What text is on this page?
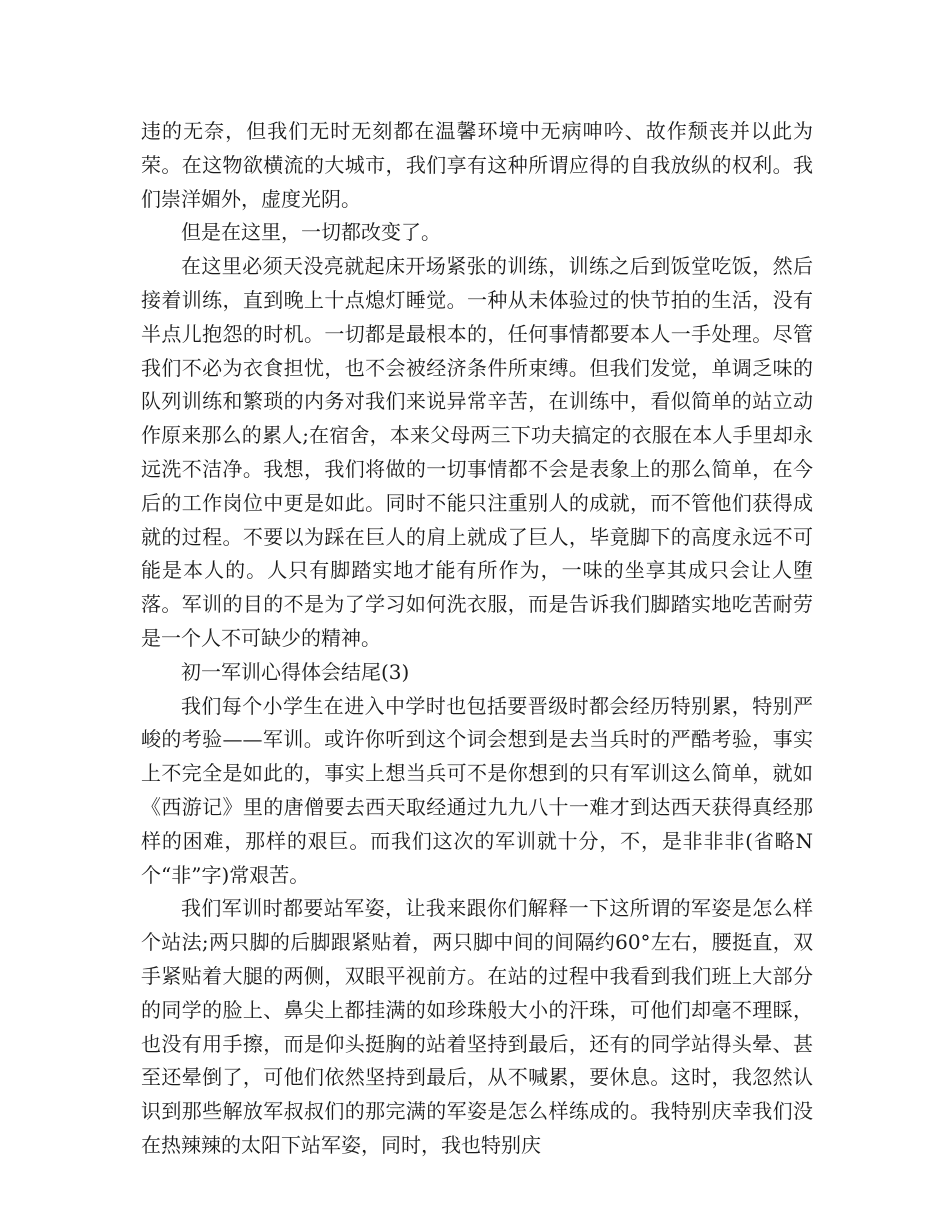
违的无奈，但我们无时无刻都在温馨环境中无病呻吟、故作颓丧并以此为荣。在这物欲横流的大城市，我们享有这种所谓应得的自我放纵的权利。我们崇洋媚外，虚度光阴。

但是在这里，一切都改变了。

在这里必须天没亮就起床开场紧张的训练，训练之后到饭堂吃饭，然后接着训练，直到晚上十点熄灯睡觉。一种从未体验过的快节拍的生活，没有半点儿抱怨的时机。一切都是最根本的，任何事情都要本人一手处理。尽管我们不必为衣食担忧，也不会被经济条件所束缚。但我们发觉，单调乏味的队列训练和繁琐的内务对我们来说异常辛苦，在训练中，看似简单的站立动作原来那么的累人;在宿舍，本来父母两三下功夫搞定的衣服在本人手里却永远洗不洁净。我想，我们将做的一切事情都不会是表象上的那么简单，在今后的工作岗位中更是如此。同时不能只注重别人的成就，而不管他们获得成就的过程。不要以为踩在巨人的肩上就成了巨人，毕竟脚下的高度永远不可能是本人的。人只有脚踏实地才能有所作为，一味的坐享其成只会让人堕落。军训的目的不是为了学习如何洗衣服，而是告诉我们脚踏实地吃苦耐劳是一个人不可缺少的精神。

初一军训心得体会结尾(3)

我们每个小学生在进入中学时也包括要晋级时都会经历特别累，特别严峻的考验——军训。或许你听到这个词会想到是去当兵时的严酷考验，事实上不完全是如此的，事实上想当兵可不是你想到的只有军训这么简单，就如《西游记》里的唐僧要去西天取经通过九九八十一难才到达西天获得真经那样的困难，那样的艰巨。而我们这次的军训就十分，不，是非非非(省略N个“非”字)常艰苦。

我们军训时都要站军姿，让我来跟你们解释一下这所谓的军姿是怎么样个站法;两只脚的后脚跟紧贴着，两只脚中间的间隔约60°左右，腰挺直，双手紧贴着大腿的两侧，双眼平视前方。在站的过程中我看到我们班上大部分的同学的脸上、鼻尖上都挂满的如珍珠般大小的汗珠，可他们却毫不理睬，也没有用手擦，而是仰头挺胸的站着坚持到最后，还有的同学站得头晕、甚至还晕倒了，可他们依然坚持到最后，从不喊累，要休息。这时，我忽然认识到那些解放军叔叔们的那完满的军姿是怎么样练成的。我特别庆幸我们没在热辣辣的太阳下站军姿，同时，我也特别庆
